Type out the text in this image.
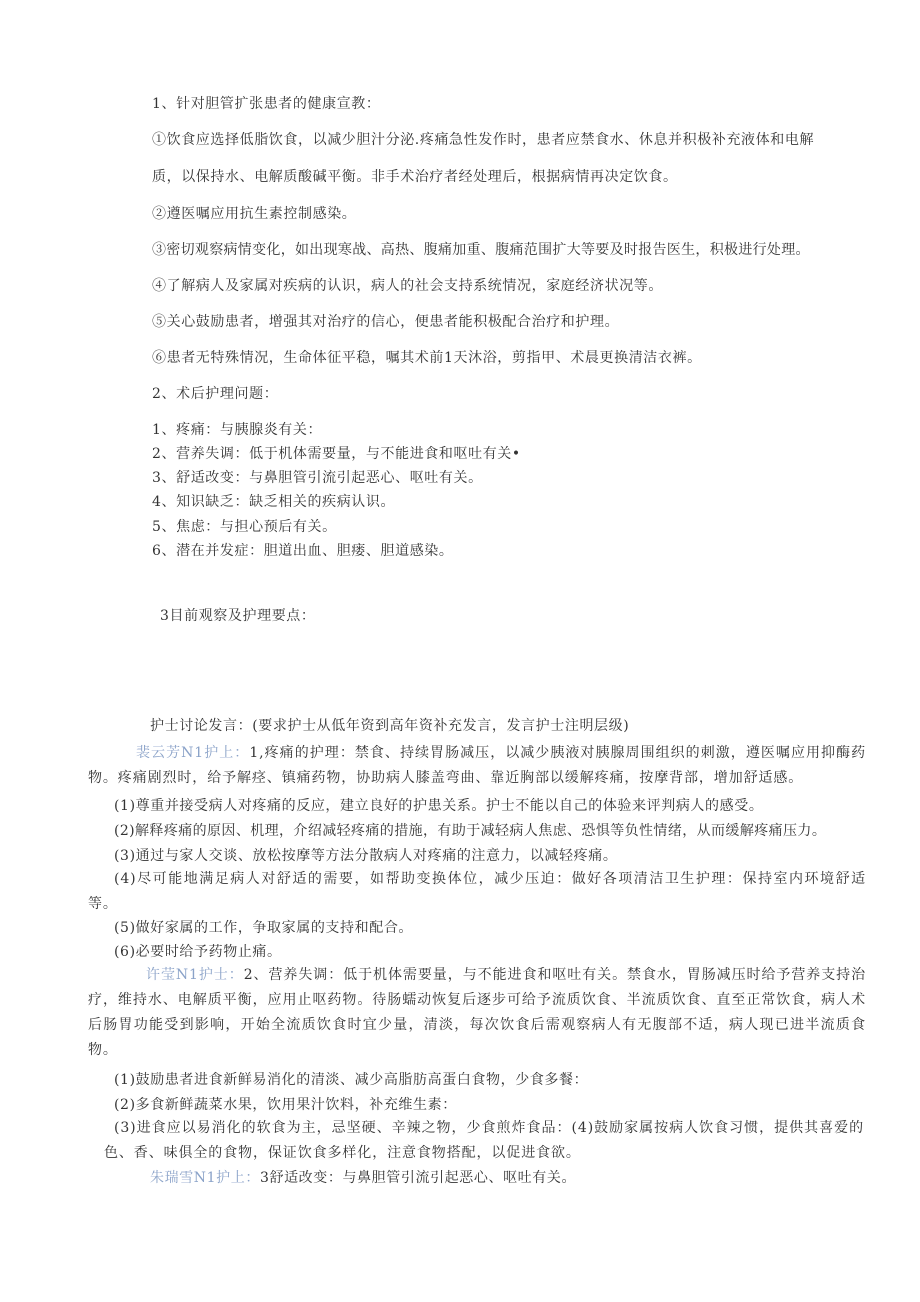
1、针对胆管扩张患者的健康宣教：

①饮食应选择低脂饮食，以减少胆汁分泌.疼痛急性发作时，患者应禁食水、休息并积极补充液体和电解

质，以保持水、电解质酸碱平衡。非手术治疗者经处理后，根据病情再决定饮食。

②遵医嘱应用抗生素控制感染。

③密切观察病情变化，如出现寒战、高热、腹痛加重、腹痛范围扩大等要及时报告医生，积极进行处理。

④了解病人及家属对疾病的认识，病人的社会支持系统情况，家庭经济状况等。

⑤关心鼓励患者，增强其对治疗的信心，便患者能积极配合治疗和护理。

⑥患者无特殊情况，生命体征平稳，嘱其术前1天沐浴，剪指甲、术晨更换清洁衣裤。

2、术后护理问题：

1、疼痛：与胰腺炎有关：

2、营养失调：低于机体需要量，与不能进食和呕吐有关•

3、舒适改变：与鼻胆管引流引起恶心、呕吐有关。

4、知识缺乏：缺乏相关的疾病认识。

5、焦虑：与担心预后有关。

6、潜在并发症：胆道出血、胆瘘、胆道感染。

3目前观察及护理要点：

护士讨论发言：(要求护士从低年资到高年资补充发言，发言护士注明层级)

裴云芳N1护上：1,疼痛的护理：禁食、持续胃肠减压，以减少胰液对胰腺周围组织的刺激，遵医嘱应用抑酶药物。疼痛剧烈时，给予解痉、镇痛药物，协助病人膝盖弯曲、靠近胸部以缓解疼痛，按摩背部，增加舒适感。

(1)尊重并接受病人对疼痛的反应，建立良好的护患关系。护士不能以自己的体验来评判病人的感受。

(2)解释疼痛的原因、机理，介绍减轻疼痛的措施，有助于减轻病人焦虑、恐惧等负性情绪，从而缓解疼痛压力。

(3)通过与家人交谈、放松按摩等方法分散病人对疼痛的注意力，以减轻疼痛。

(4)尽可能地满足病人对舒适的需要，如帮助变换体位，减少压迫：做好各项清洁卫生护理：保持室内环境舒适等。

(5)做好家属的工作，争取家属的支持和配合。

(6)必要时给予药物止痛。

许莹N1护士：2、营养失调：低于机体需要量，与不能进食和呕吐有关。禁食水，胃肠减压时给予营养支持治疗，维持水、电解质平衡，应用止呕药物。待肠蠕动恢复后逐步可给予流质饮食、半流质饮食、直至正常饮食，病人术后肠胃功能受到影响，开始全流质饮食时宜少量，清淡，每次饮食后需观察病人有无腹部不适，病人现已进半流质食物。

(1)鼓励患者进食新鲜易消化的清淡、减少高脂肪高蛋白食物，少食多餐：

(2)多食新鲜蔬菜水果，饮用果汁饮料，补充维生素：

(3)进食应以易消化的软食为主，忌坚硬、辛辣之物，少食煎炸食品：(4)鼓励家属按病人饮食习惯，提供其喜爱的色、香、味俱全的食物，保证饮食多样化，注意食物搭配，以促进食欲。

朱瑞雪N1护上：3舒适改变：与鼻胆管引流引起恶心、呕吐有关。
